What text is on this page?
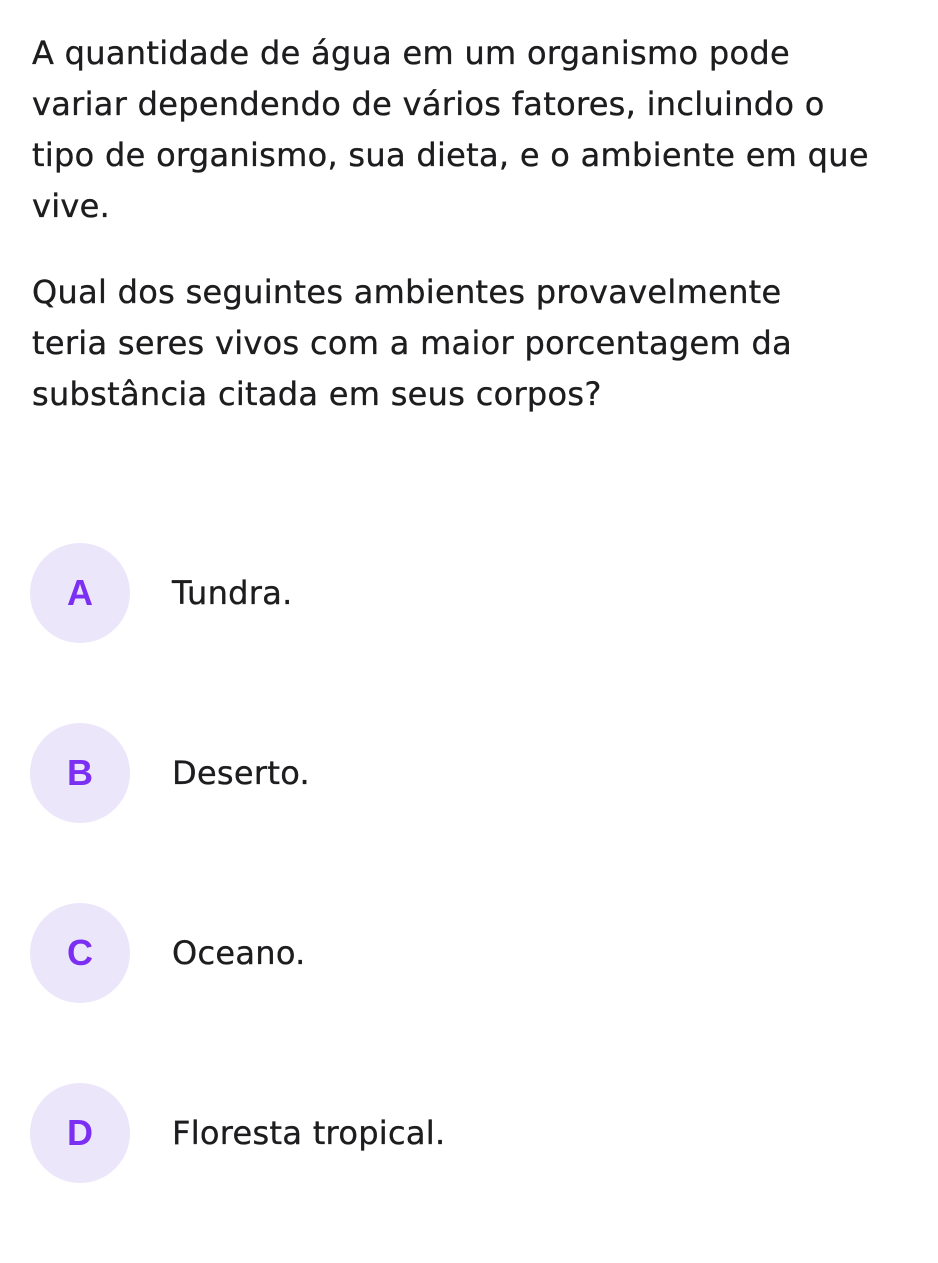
A quantidade de água em um organismo pode
variar dependendo de vários fatores, incluindo o
tipo de organismo, sua dieta, e o ambiente em que
vive.

Qual dos seguintes ambientes provavelmente
teria seres vivos com a maior porcentagem da
substância citada em seus corpos?

A Tundra.
B Deserto.
C Oceano.
D Floresta tropical.
